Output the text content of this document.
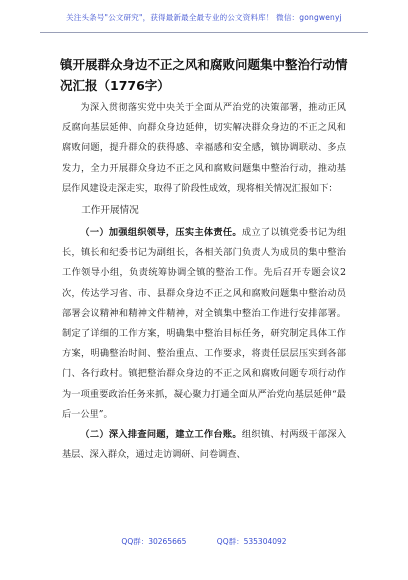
关注头条号"公文研究"，获得最新最全最专业的公文资料库！ 微信：gongwenyj
镇开展群众身边不正之风和腐败问题集中整治行动情况汇报（1776字）

为深入贯彻落实党中央关于全面从严治党的决策部署，推动正风反腐向基层延伸、向群众身边延伸，切实解决群众身边的不正之风和腐败问题，提升群众的获得感、幸福感和安全感，镇协调联动、多点发力，全力开展群众身边不正之风和腐败问题集中整治行动，推动基层作风建设走深走实，取得了阶段性成效，现将相关情况汇报如下：

工作开展情况

（一）加强组织领导，压实主体责任。成立了以镇党委书记为组长，镇长和纪委书记为副组长，各相关部门负责人为成员的集中整治工作领导小组，负责统筹协调全镇的整治工作。先后召开专题会议2次，传达学习省、市、县群众身边不正之风和腐败问题集中整治动员部署会议精神和精神文件精神，对全镇集中整治工作进行安排部署。制定了详细的工作方案，明确集中整治目标任务，研究制定具体工作方案，明确整治时间、整治重点、工作要求，将责任层层压实到各部门、各行政村。镇把整治群众身边的不正之风和腐败问题专项行动作为一项重要政治任务来抓，凝心聚力打通全面从严治党向基层延伸“最后一公里”。

（二）深入排查问题，建立工作台账。组织镇、村两级干部深入基层、深入群众，通过走访调研、问卷调查、

QQ群：30265665	QQ群：535304092
